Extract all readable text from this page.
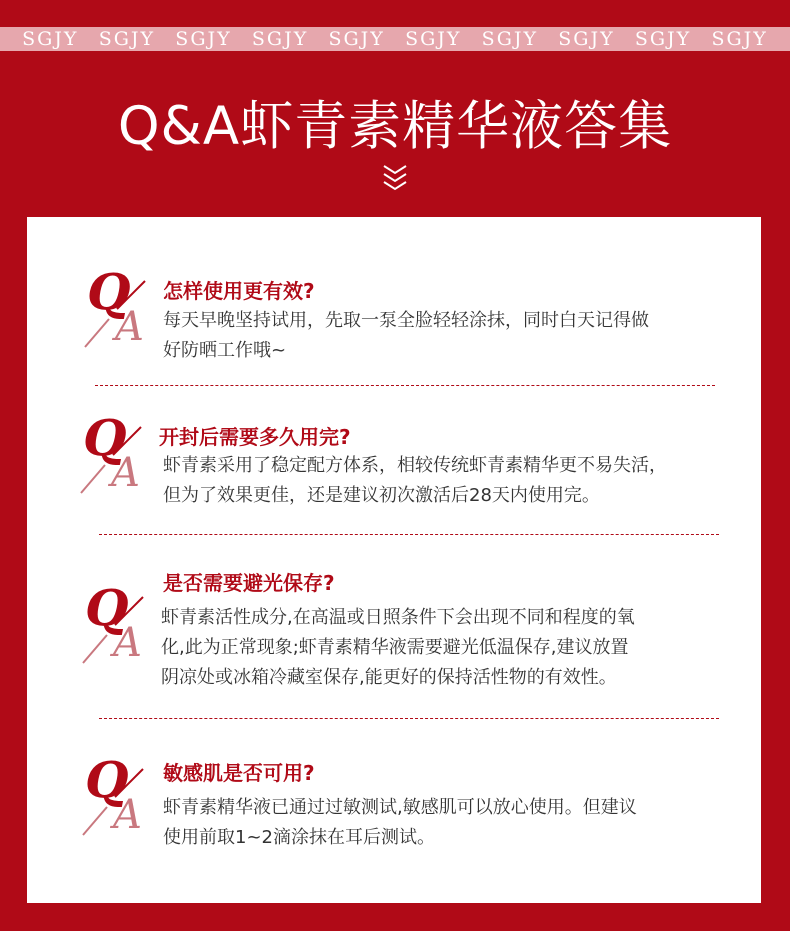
SGJY SGJY SGJY SGJY SGJY SGJY SGJY SGJY SGJY SGJY
Q&A虾青素精华液答集
Q
A
怎样使用更有效?
每天早晚坚持试用，先取一泵全脸轻轻涂抹，同时白天记得做
好防晒工作哦~
Q
A
开封后需要多久用完?
虾青素采用了稳定配方体系，相较传统虾青素精华更不易失活，
但为了效果更佳，还是建议初次激活后28天内使用完。
Q
A
是否需要避光保存?
虾青素活性成分,在高温或日照条件下会出现不同和程度的氧
化,此为正常现象;虾青素精华液需要避光低温保存,建议放置
阴凉处或冰箱冷藏室保存,能更好的保持活性物的有效性。
Q
A
敏感肌是否可用?
虾青素精华液已通过过敏测试,敏感肌可以放心使用。但建议
使用前取1~2滴涂抹在耳后测试。
